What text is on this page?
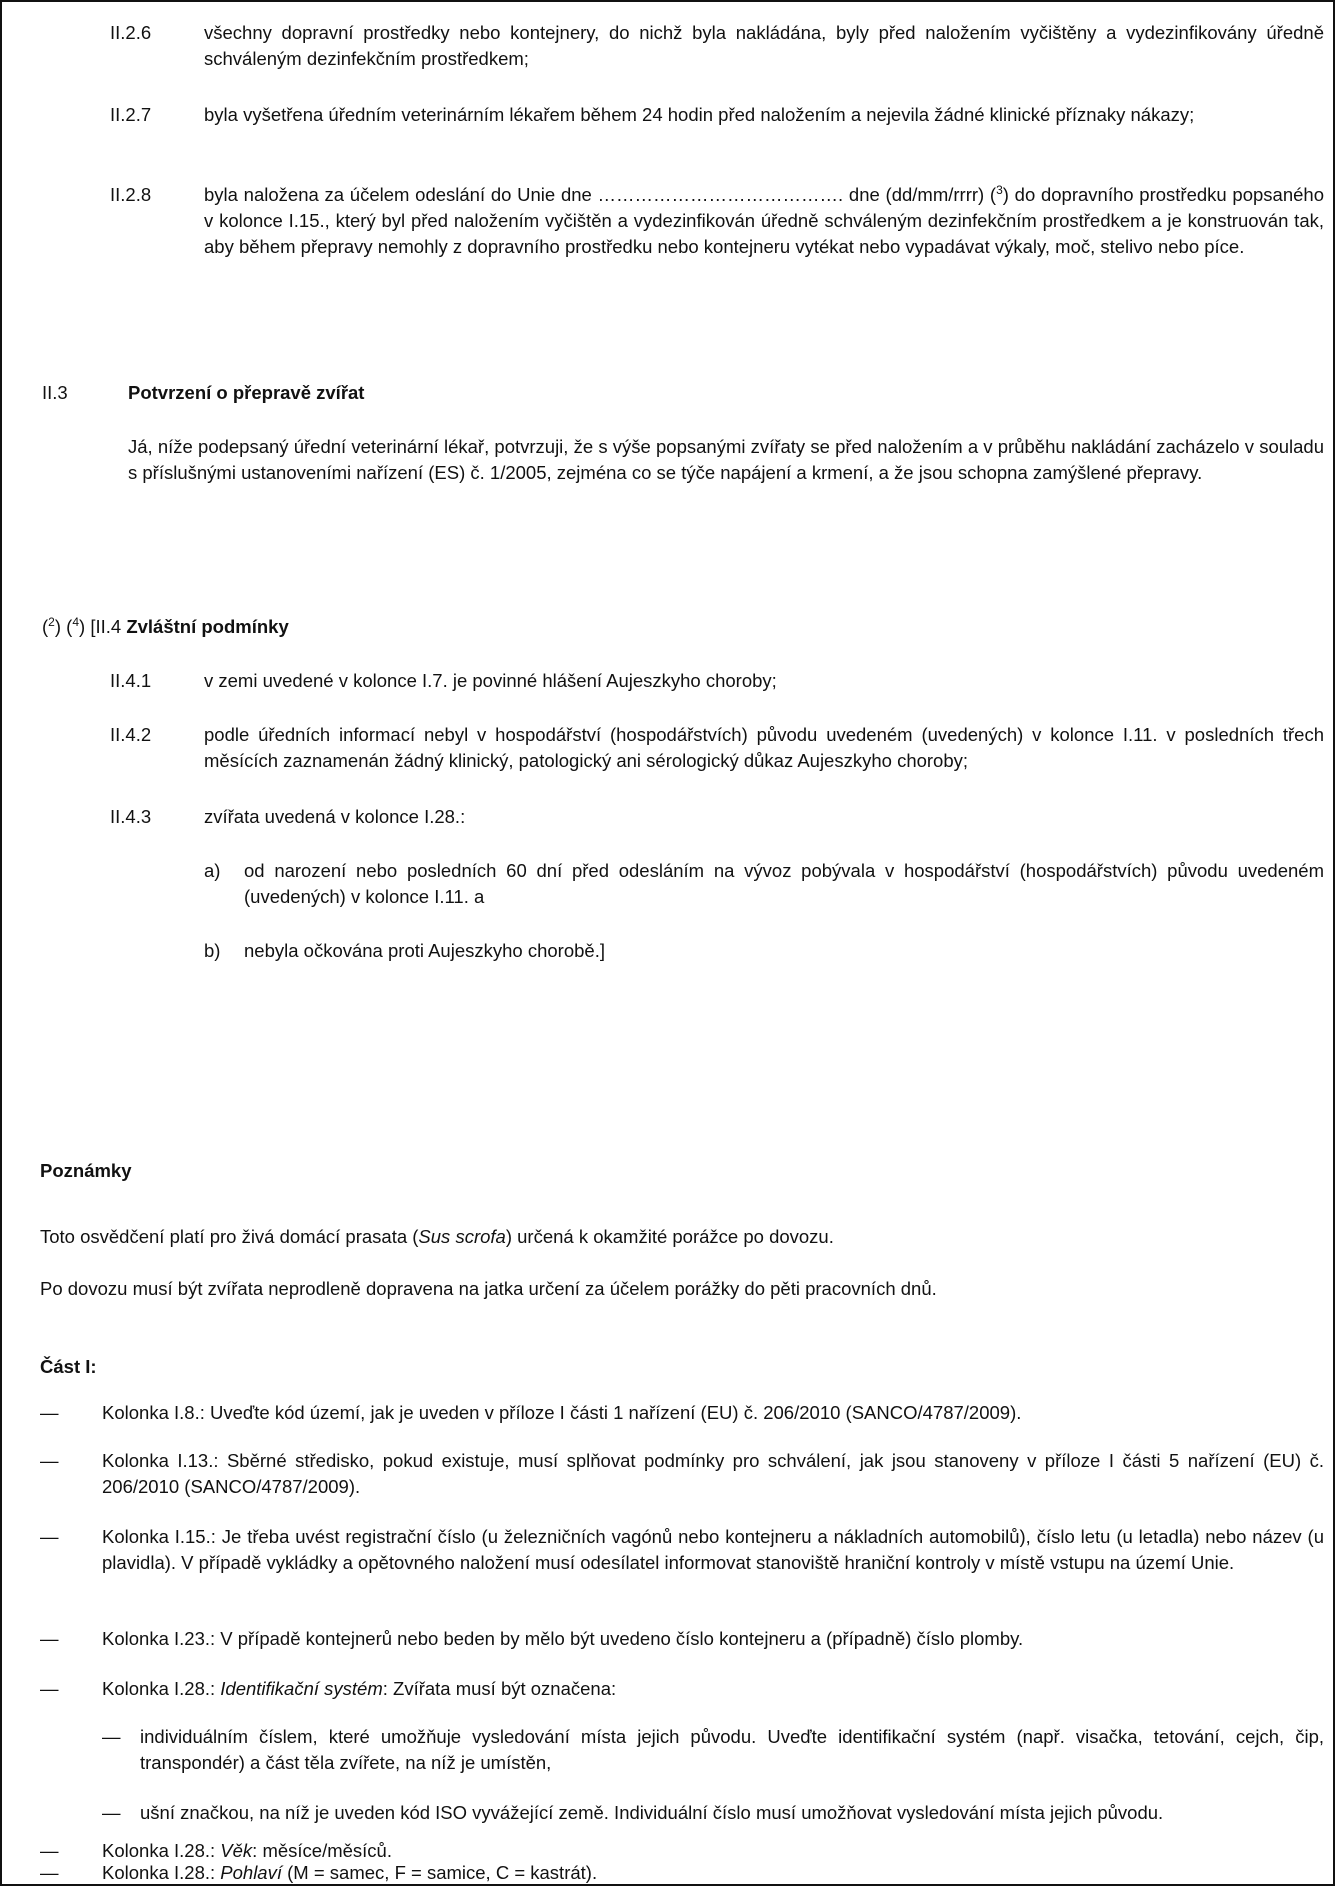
II.2.6	všechny dopravní prostředky nebo kontejnery, do nichž byla nakládána, byly před naložením vyčištěny a vydezinfikovány úředně schváleným dezinfekčním prostředkem;
II.2.7	byla vyšetřena úředním veterinárním lékařem během 24 hodin před naložením a nejevila žádné klinické příznaky nákazy;
II.2.8	byla naložena za účelem odeslání do Unie dne …………………………………. dne (dd/mm/rrrr) ($^3$) do dopravního prostředku popsaného v kolonce I.15., který byl před naložením vyčištěn a vydezinfikován úředně schváleným dezinfekčním prostředkem a je konstruován tak, aby během přepravy nemohly z dopravního prostředku nebo kontejneru vytékat nebo vypadávat výkaly, moč, stelivo nebo píce.
II.3	Potvrzení o přepravě zvířat
Já, níže podepsaný úřední veterinární lékař, potvrzuji, že s výše popsanými zvířaty se před naložením a v průběhu nakládání zacházelo v souladu s příslušnými ustanoveními nařízení (ES) č. 1/2005, zejména co se týče napájení a krmení, a že jsou schopna zamýšlené přepravy.
($^2$) ($^4$) [II.4 Zvláštní podmínky
II.4.1	v zemi uvedené v kolonce I.7. je povinné hlášení Aujeszkyho choroby;
II.4.2	podle úředních informací nebyl v hospodářství (hospodářstvích) původu uvedeném (uvedených) v kolonce I.11. v posledních třech měsících zaznamenán žádný klinický, patologický ani sérologický důkaz Aujeszkyho choroby;
II.4.3	zvířata uvedená v kolonce I.28.:
a) od narození nebo posledních 60 dní před odesláním na vývoz pobývala v hospodářství (hospodářstvích) původu uvedeném (uvedených) v kolonce I.11. a
b) nebyla očkována proti Aujeszkyho chorobě.]
Poznámky
Toto osvědčení platí pro živá domácí prasata (Sus scrofa) určená k okamžité porážce po dovozu.
Po dovozu musí být zvířata neprodleně dopravena na jatka určení za účelem porážky do pěti pracovních dnů.
Část I:
— Kolonka I.8.: Uveďte kód území, jak je uveden v příloze I části 1 nařízení (EU) č. 206/2010 (SANCO/4787/2009).
— Kolonka I.13.: Sběrné středisko, pokud existuje, musí splňovat podmínky pro schválení, jak jsou stanoveny v příloze I části 5 nařízení (EU) č. 206/2010 (SANCO/4787/2009).
— Kolonka I.15.: Je třeba uvést registrační číslo (u železničních vagónů nebo kontejneru a nákladních automobilů), číslo letu (u letadla) nebo název (u plavidla). V případě vykládky a opětovného naložení musí odesílatel informovat stanoviště hraniční kontroly v místě vstupu na území Unie.
— Kolonka I.23.: V případě kontejnerů nebo beden by mělo být uvedeno číslo kontejneru a (případně) číslo plomby.
— Kolonka I.28.: Identifikační systém: Zvířata musí být označena:
— individuálním číslem, které umožňuje vysledování místa jejich původu. Uveďte identifikační systém (např. visačka, tetování, cejch, čip, transpondér) a část těla zvířete, na níž je umístěn,
— ušní značkou, na níž je uveden kód ISO vyvážející země. Individuální číslo musí umožňovat vysledování místa jejich původu.
— Kolonka I.28.: Věk: měsíce/měsíců.
— Kolonka I.28.: Pohlaví (M = samec, F = samice, C = kastrát).
